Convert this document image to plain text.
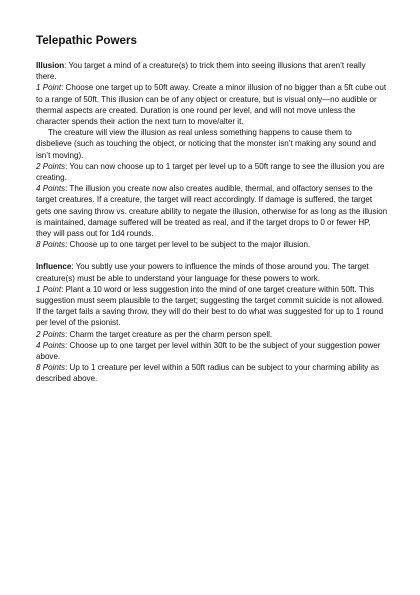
Telepathic Powers

Illusion: You target a mind of a creature(s) to trick them into seeing illusions that aren’t really there.

1 Point: Choose one target up to 50ft away. Create a minor illusion of no bigger than a 5ft cube out to a range of 50ft. This illusion can be of any object or creature, but is visual only—no audible or thermal aspects are created. Duration is one round per level, and will not move unless the character spends their action the next turn to move/alter it.

The creature will view the illusion as real unless something happens to cause them to disbelieve (such as touching the object, or noticing that the monster isn’t making any sound and isn’t moving).

2 Points: You can now choose up to 1 target per level up to a 50ft range to see the illusion you are creating.

4 Points: The illusion you create now also creates audible, thermal, and olfactory senses to the target creatures. If a creature, the target will react accordingly. If damage is suffered, the target gets one saving throw vs. creature ability to negate the illusion, otherwise for as long as the illusion is maintained, damage suffered will be treated as real, and if the target drops to 0 or fewer HP, they will pass out for 1d4 rounds.

8 Points: Choose up to one target per level to be subject to the major illusion.

Influence: You subtly use your powers to influence the minds of those around you. The target creature(s) must be able to understand your language for these powers to work.

1 Point: Plant a 10 word or less suggestion into the mind of one target creature within 50ft. This suggestion must seem plausible to the target; suggesting the target commit suicide is not allowed. If the target fails a saving throw, they will do their best to do what was suggested for up to 1 round per level of the psionist.

2 Points: Charm the target creature as per the charm person spell.

4 Points: Choose up to one target per level within 30ft to be the subject of your suggestion power above.

8 Points: Up to 1 creature per level within a 50ft radius can be subject to your charming ability as described above.
